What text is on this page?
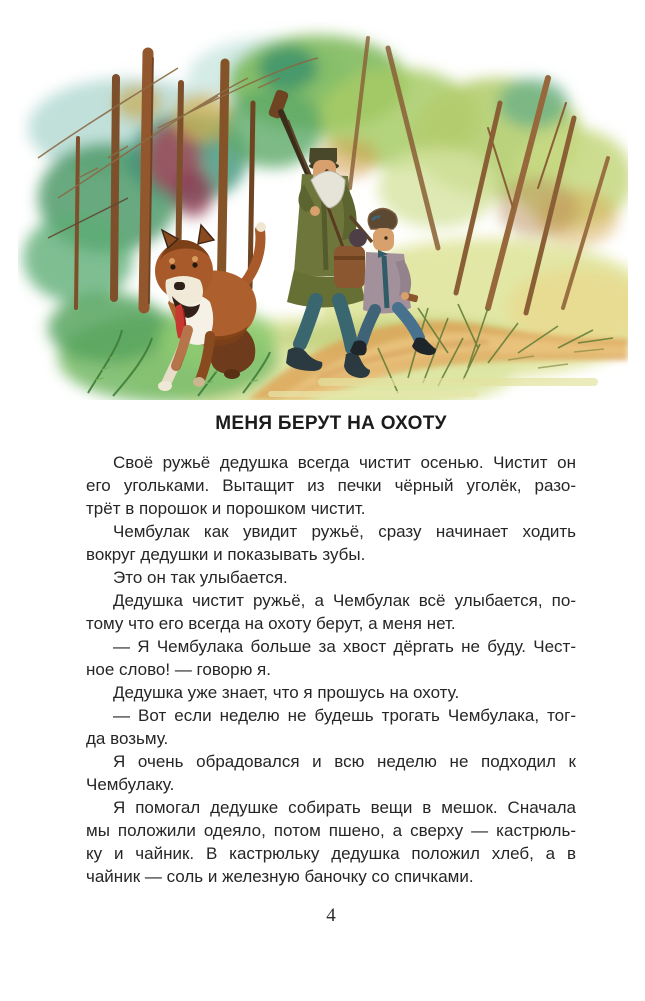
МЕНЯ БЕРУТ НА ОХОТУ
Своё ружьё дедушка всегда чистит осенью. Чистит он
его угольками. Вытащит из печки чёрный уголёк, разо-
трёт в порошок и порошком чистит.
Чембулак как увидит ружьё, сразу начинает ходить
вокруг дедушки и показывать зубы.
Это он так улыбается.
Дедушка чистит ружьё, а Чембулак всё улыбается, по-
тому что его всегда на охоту берут, а меня нет.
— Я Чембулака больше за хвост дёргать не буду. Чест-
ное слово! — говорю я.
Дедушка уже знает, что я прошусь на охоту.
— Вот если неделю не будешь трогать Чембулака, тог-
да возьму.
Я очень обрадовался и всю неделю не подходил к
Чембулаку.
Я помогал дедушке собирать вещи в мешок. Сначала
мы положили одеяло, потом пшено, а сверху — кастрюль-
ку и чайник. В кастрюльку дедушка положил хлеб, а в
чайник — соль и железную баночку со спичками.
4
